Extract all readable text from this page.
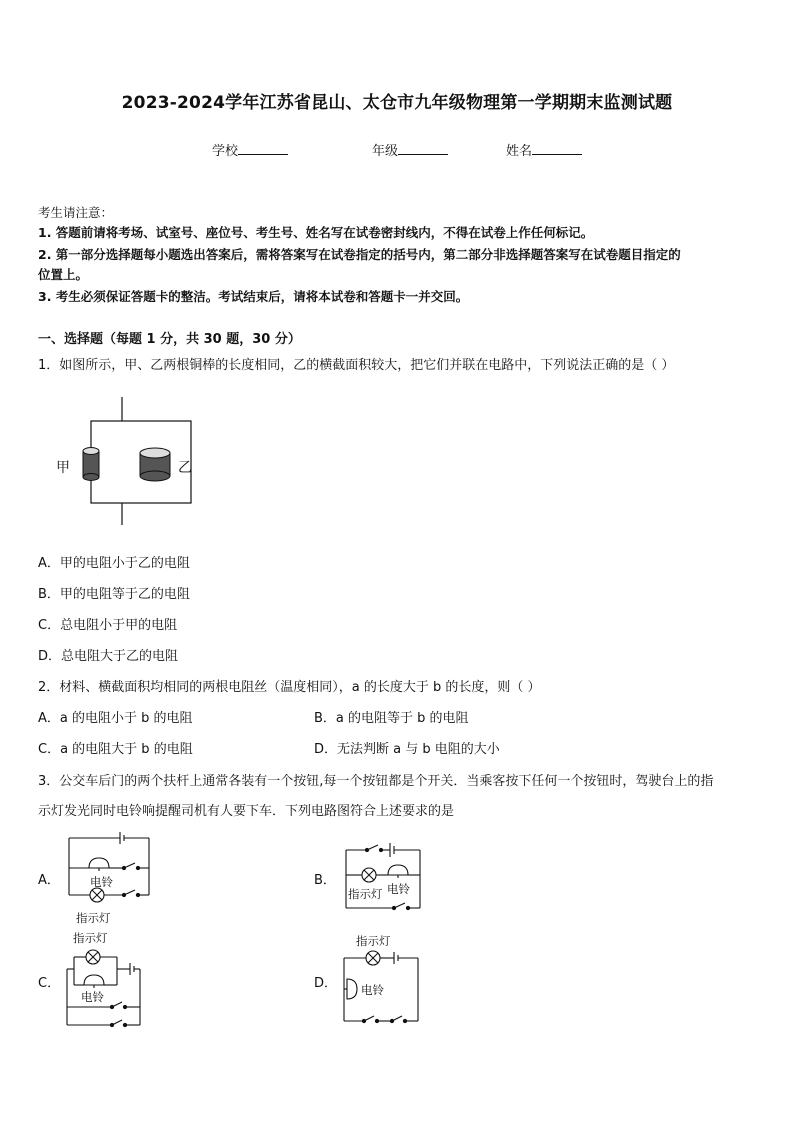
2023-2024学年江苏省昆山、太仓市九年级物理第一学期期末监测试题
学校	年级	姓名
考生请注意：
1. 答题前请将考场、试室号、座位号、考生号、姓名写在试卷密封线内，不得在试卷上作任何标记。
2. 第一部分选择题每小题选出答案后，需将答案写在试卷指定的括号内，第二部分非选择题答案写在试卷题目指定的
位置上。
3. 考生必须保证答题卡的整洁。考试结束后，请将本试卷和答题卡一并交回。
一、选择题（每题 1 分，共 30 题，30 分）
1．如图所示，甲、乙两根铜棒的长度相同，乙的横截面积较大，把它们并联在电路中，下列说法正确的是（ ）
甲	乙
A．甲的电阻小于乙的电阻
B．甲的电阻等于乙的电阻
C．总电阻小于甲的电阻
D．总电阻大于乙的电阻
2．材料、横截面积均相同的两根电阻丝（温度相同），a 的长度大于 b 的长度，则（ ）
A．a 的电阻小于 b 的电阻	B．a 的电阻等于 b 的电阻
C．a 的电阻大于 b 的电阻	D．无法判断 a 与 b 电阻的大小
3．公交车后门的两个扶杆上通常各装有一个按钮,每一个按钮都是个开关．当乘客按下任何一个按钮时，驾驶台上的指
示灯发光同时电铃响提醒司机有人要下车．下列电路图符合上述要求的是
A．	电铃
指示灯
B．
指示灯 电铃
C．
指示灯
电铃
D．
指示灯
电铃
